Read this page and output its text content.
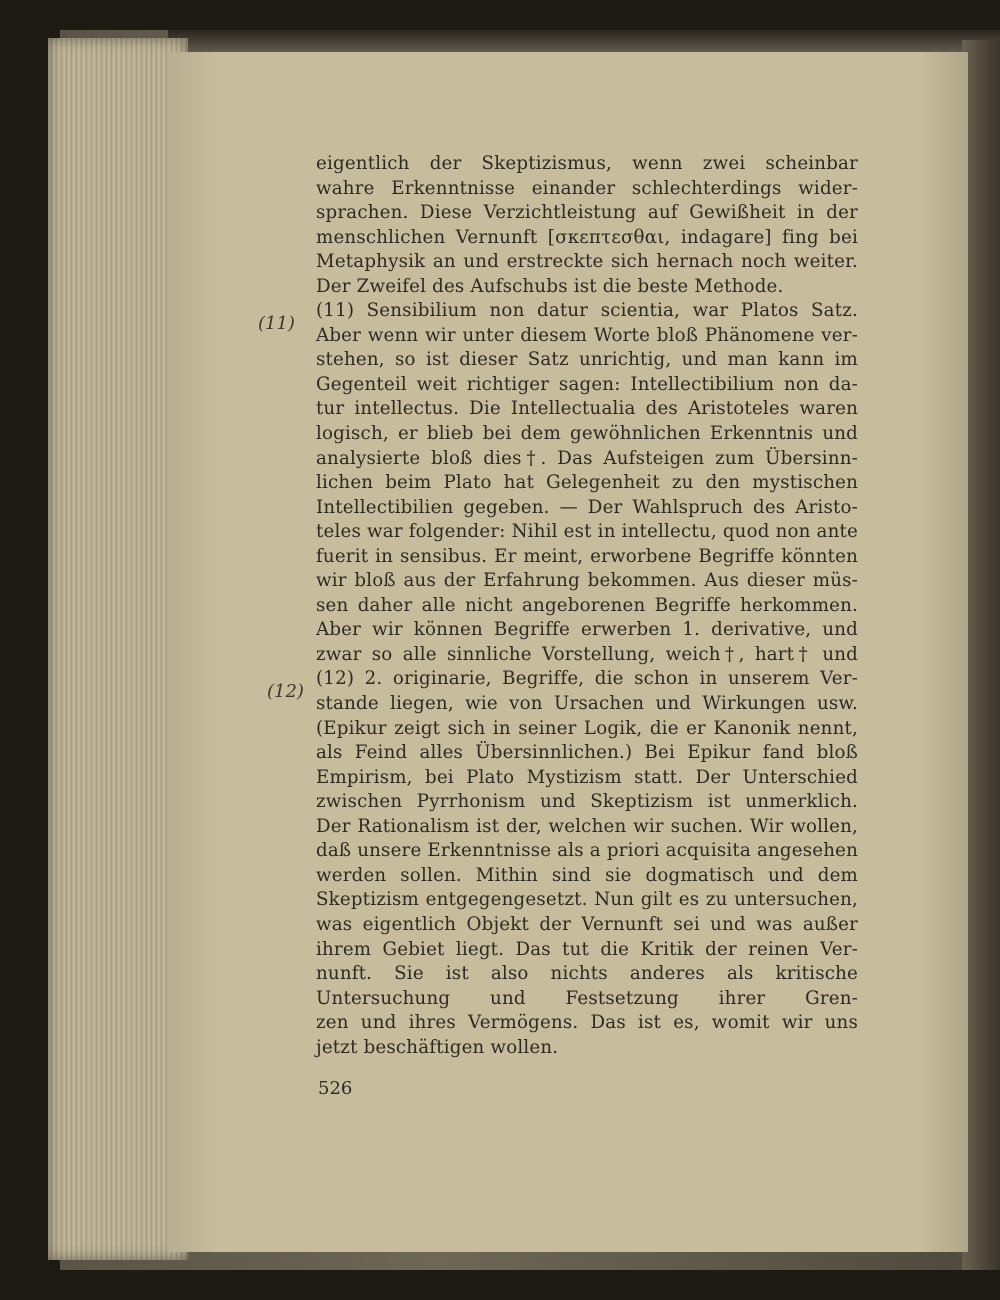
(11)
(12)
eigentlich der Skeptizismus, wenn zwei scheinbar
wahre Erkenntnisse einander schlechterdings wider-
sprachen. Diese Verzichtleistung auf Gewißheit in der
menschlichen Vernunft [σκεπτεσθαι, indagare] fing bei
Metaphysik an und erstreckte sich hernach noch weiter.
Der Zweifel des Aufschubs ist die beste Methode.
(11) Sensibilium non datur scientia, war Platos Satz.
Aber wenn wir unter diesem Worte bloß Phänomene ver-
stehen, so ist dieser Satz unrichtig, und man kann im
Gegenteil weit richtiger sagen: Intellectibilium non da-
tur intellectus. Die Intellectualia des Aristoteles waren
logisch, er blieb bei dem gewöhnlichen Erkenntnis und
analysierte bloß dies†. Das Aufsteigen zum Übersinn-
lichen beim Plato hat Gelegenheit zu den mystischen
Intellectibilien gegeben. — Der Wahlspruch des Aristo-
teles war folgender: Nihil est in intellectu, quod non ante
fuerit in sensibus. Er meint, erworbene Begriffe könnten
wir bloß aus der Erfahrung bekommen. Aus dieser müs-
sen daher alle nicht angeborenen Begriffe herkommen.
Aber wir können Begriffe erwerben 1. derivative, und
zwar so alle sinnliche Vorstellung, weich†, hart† und
(12) 2. originarie, Begriffe, die schon in unserem Ver-
stande liegen, wie von Ursachen und Wirkungen usw.
(Epikur zeigt sich in seiner Logik, die er Kanonik nennt,
als Feind alles Übersinnlichen.) Bei Epikur fand bloß
Empirism, bei Plato Mystizism statt. Der Unterschied
zwischen Pyrrhonism und Skeptizism ist unmerklich.
Der Rationalism ist der, welchen wir suchen. Wir wollen,
daß unsere Erkenntnisse als a priori acquisita angesehen
werden sollen. Mithin sind sie dogmatisch und dem
Skeptizism entgegengesetzt. Nun gilt es zu untersuchen,
was eigentlich Objekt der Vernunft sei und was außer
ihrem Gebiet liegt. Das tut die Kritik der reinen Ver-
nunft. Sie ist also nichts anderes als kritische
Untersuchung und Festsetzung ihrer Gren-
zen und ihres Vermögens. Das ist es, womit wir uns
jetzt beschäftigen wollen.
526
